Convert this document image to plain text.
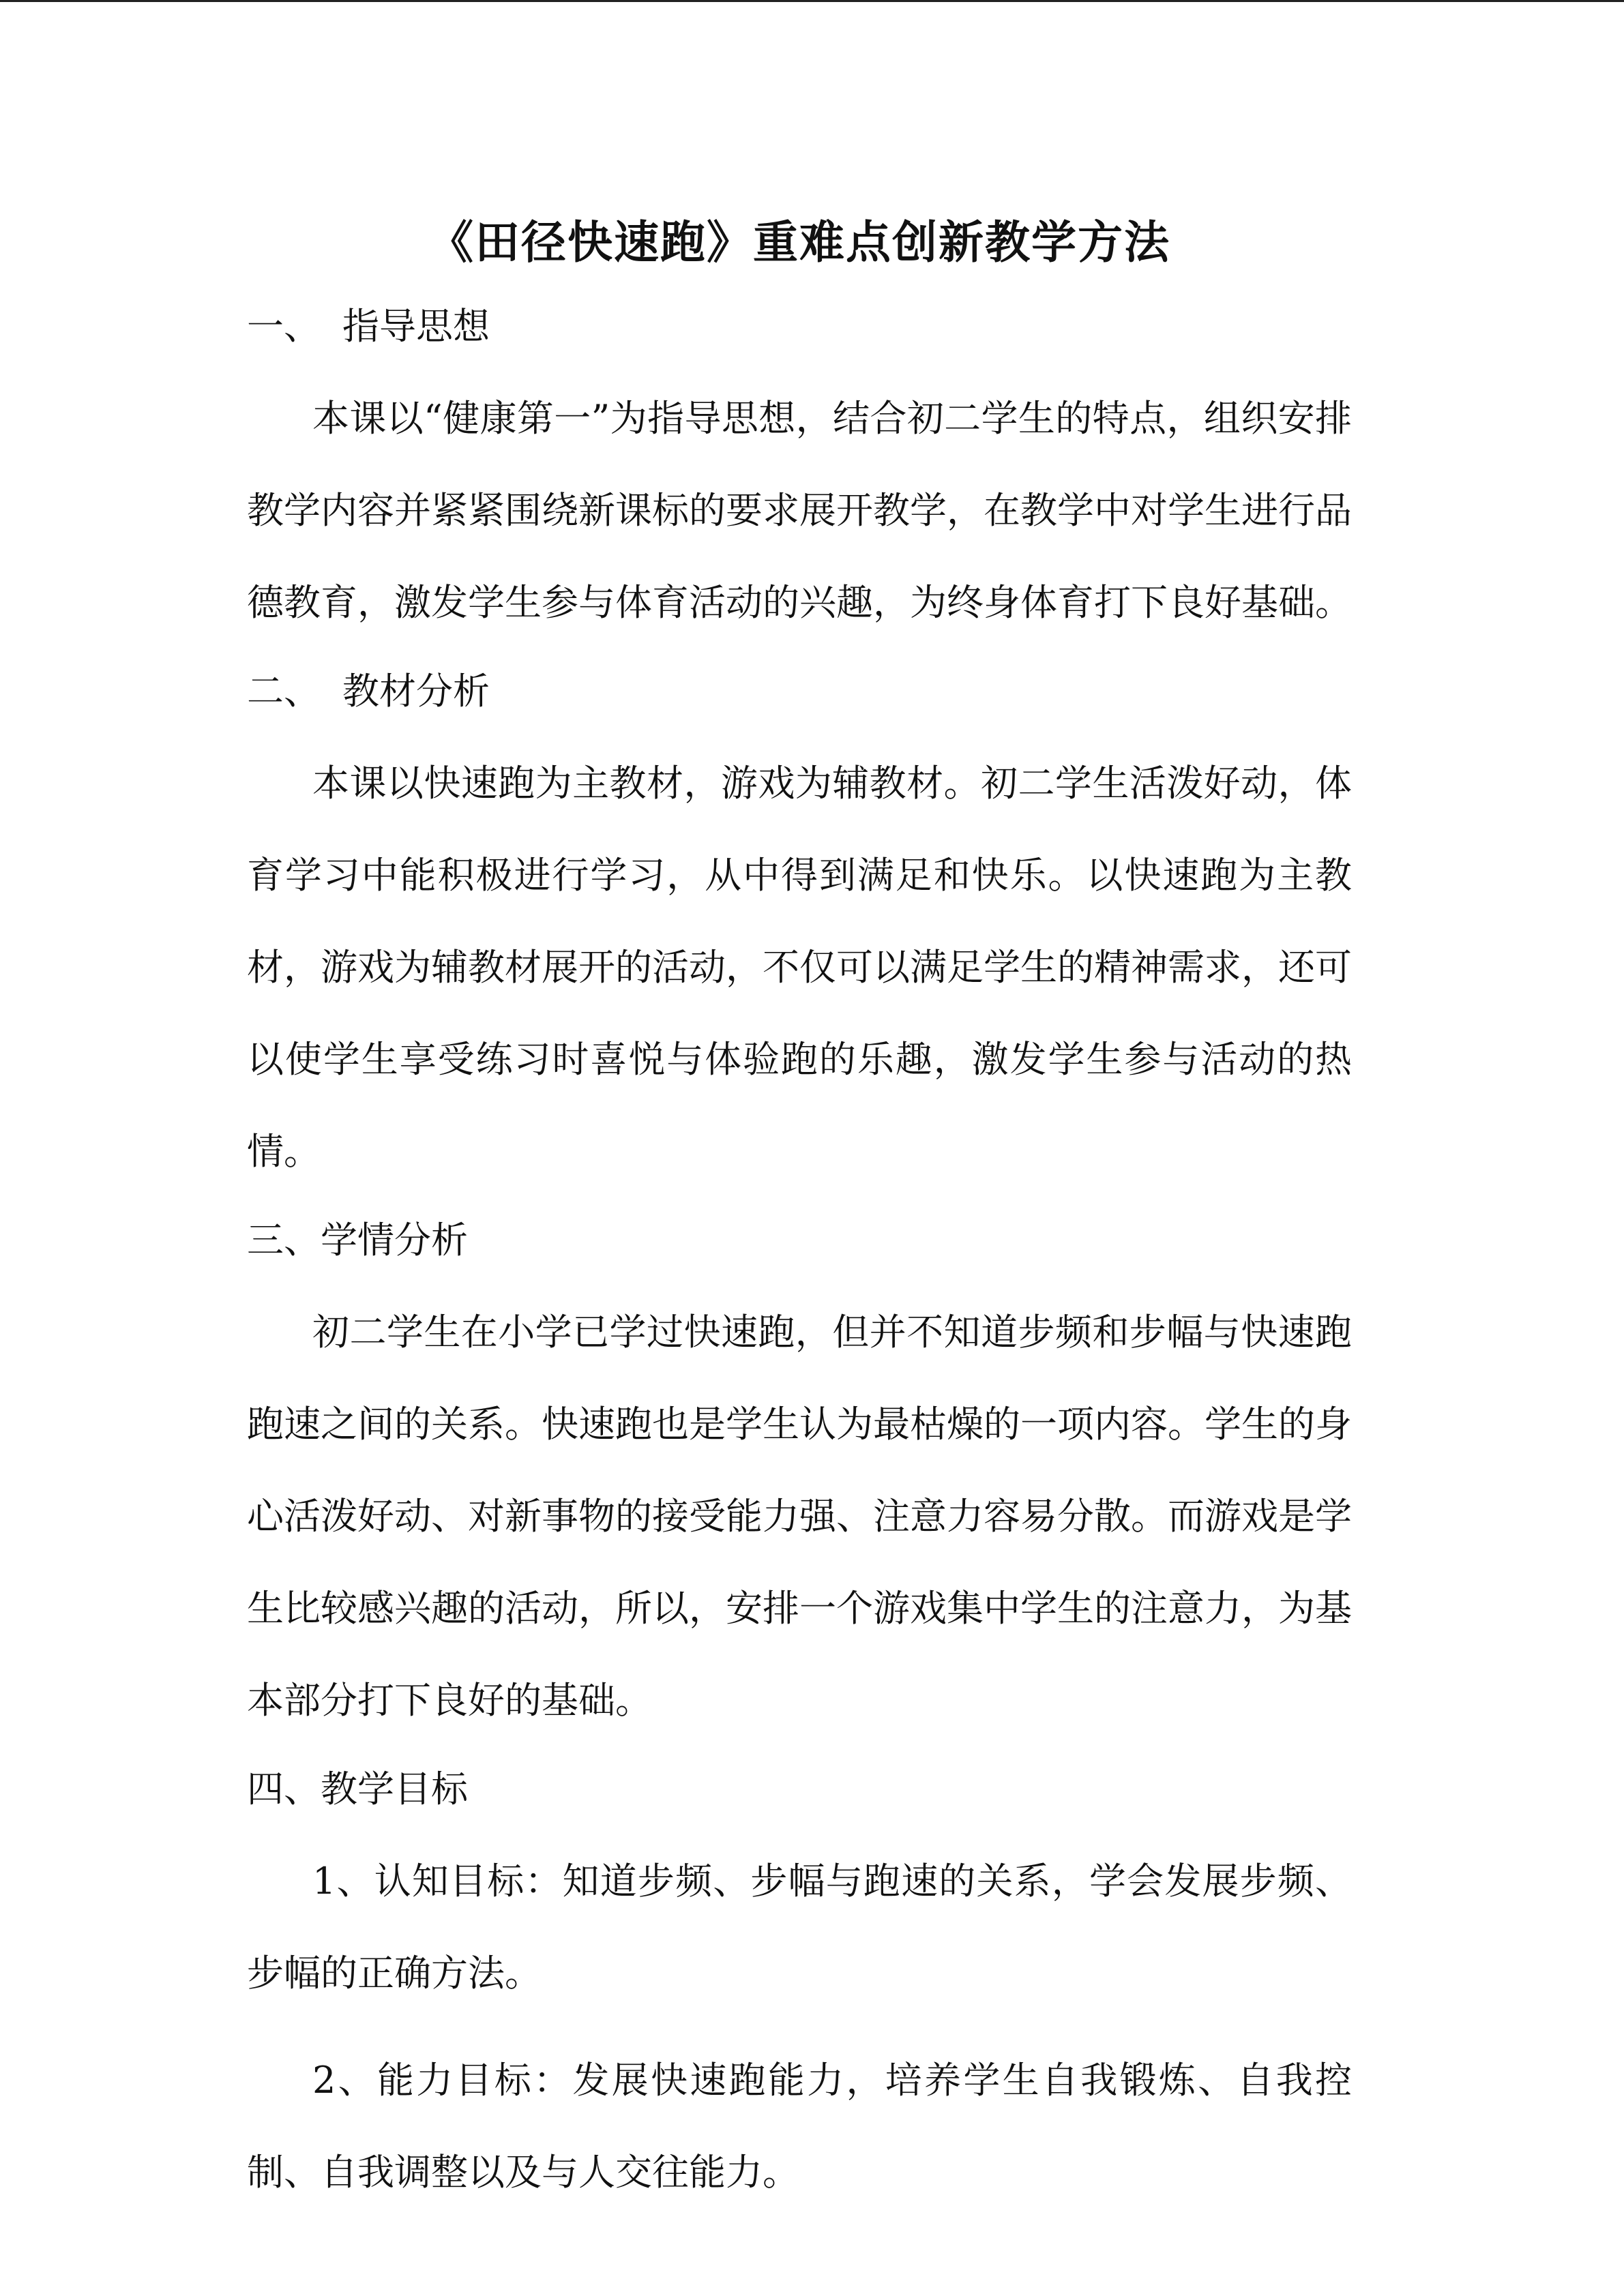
《田径快速跑》重难点创新教学方法
一、 指导思想

本课以“健康第一”为指导思想，结合初二学生的特点，组织安排教学内容并紧紧围绕新课标的要求展开教学，在教学中对学生进行品德教育，激发学生参与体育活动的兴趣，为终身体育打下良好基础。

二、 教材分析

本课以快速跑为主教材，游戏为辅教材。初二学生活泼好动，体育学习中能积极进行学习，从中得到满足和快乐。以快速跑为主教材，游戏为辅教材展开的活动，不仅可以满足学生的精神需求，还可以使学生享受练习时喜悦与体验跑的乐趣，激发学生参与活动的热情。

三、学情分析

初二学生在小学已学过快速跑，但并不知道步频和步幅与快速跑跑速之间的关系。快速跑也是学生认为最枯燥的一项内容。学生的身心活泼好动、对新事物的接受能力强、注意力容易分散。而游戏是学生比较感兴趣的活动，所以，安排一个游戏集中学生的注意力，为基本部分打下良好的基础。

四、教学目标

1、认知目标：知道步频、步幅与跑速的关系，学会发展步频、步幅的正确方法。

2、能力目标：发展快速跑能力，培养学生自我锻炼、自我控制、自我调整以及与人交往能力。
